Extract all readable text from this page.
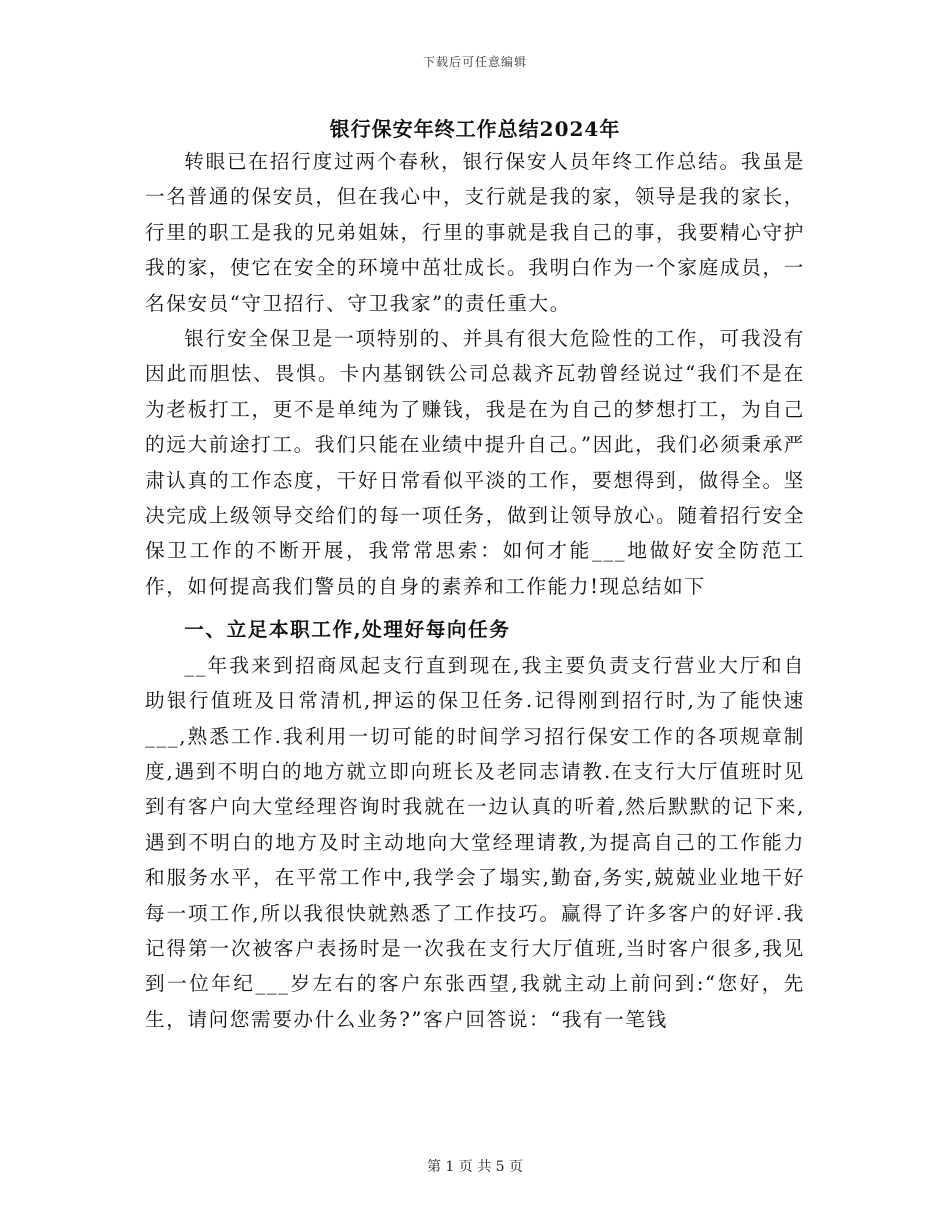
下载后可任意编辑
银行保安年终工作总结2024年

转眼已在招行度过两个春秋，银行保安人员年终工作总结。我虽是一名普通的保安员，但在我心中，支行就是我的家，领导是我的家长，行里的职工是我的兄弟姐妹，行里的事就是我自己的事，我要精心守护我的家，使它在安全的环境中茁壮成长。我明白作为一个家庭成员，一名保安员“守卫招行、守卫我家”的责任重大。

银行安全保卫是一项特别的、并具有很大危险性的工作，可我没有因此而胆怯、畏惧。卡内基钢铁公司总裁齐瓦勃曾经说过“我们不是在为老板打工，更不是单纯为了赚钱，我是在为自己的梦想打工，为自己的远大前途打工。我们只能在业绩中提升自己。”因此，我们必须秉承严肃认真的工作态度，干好日常看似平淡的工作，要想得到，做得全。坚决完成上级领导交给们的每一项任务，做到让领导放心。随着招行安全保卫工作的不断开展，我常常思索：如何才能___地做好安全防范工作，如何提高我们警员的自身的素养和工作能力!现总结如下

一、立足本职工作,处理好每向任务

__年我来到招商凤起支行直到现在,我主要负责支行营业大厅和自助银行值班及日常清机,押运的保卫任务.记得刚到招行时,为了能快速___,熟悉工作.我利用一切可能的时间学习招行保安工作的各项规章制度,遇到不明白的地方就立即向班长及老同志请教.在支行大厅值班时见到有客户向大堂经理咨询时我就在一边认真的听着,然后默默的记下来,遇到不明白的地方及时主动地向大堂经理请教,为提高自己的工作能力和服务水平，在平常工作中,我学会了塌实,勤奋,务实,兢兢业业地干好每一项工作,所以我很快就熟悉了工作技巧。赢得了许多客户的好评.我记得第一次被客户表扬时是一次我在支行大厅值班,当时客户很多,我见到一位年纪___岁左右的客户东张西望,我就主动上前问到:“您好，先生，请问您需要办什么业务?”客户回答说：“我有一笔钱

第 1 页 共 5 页
